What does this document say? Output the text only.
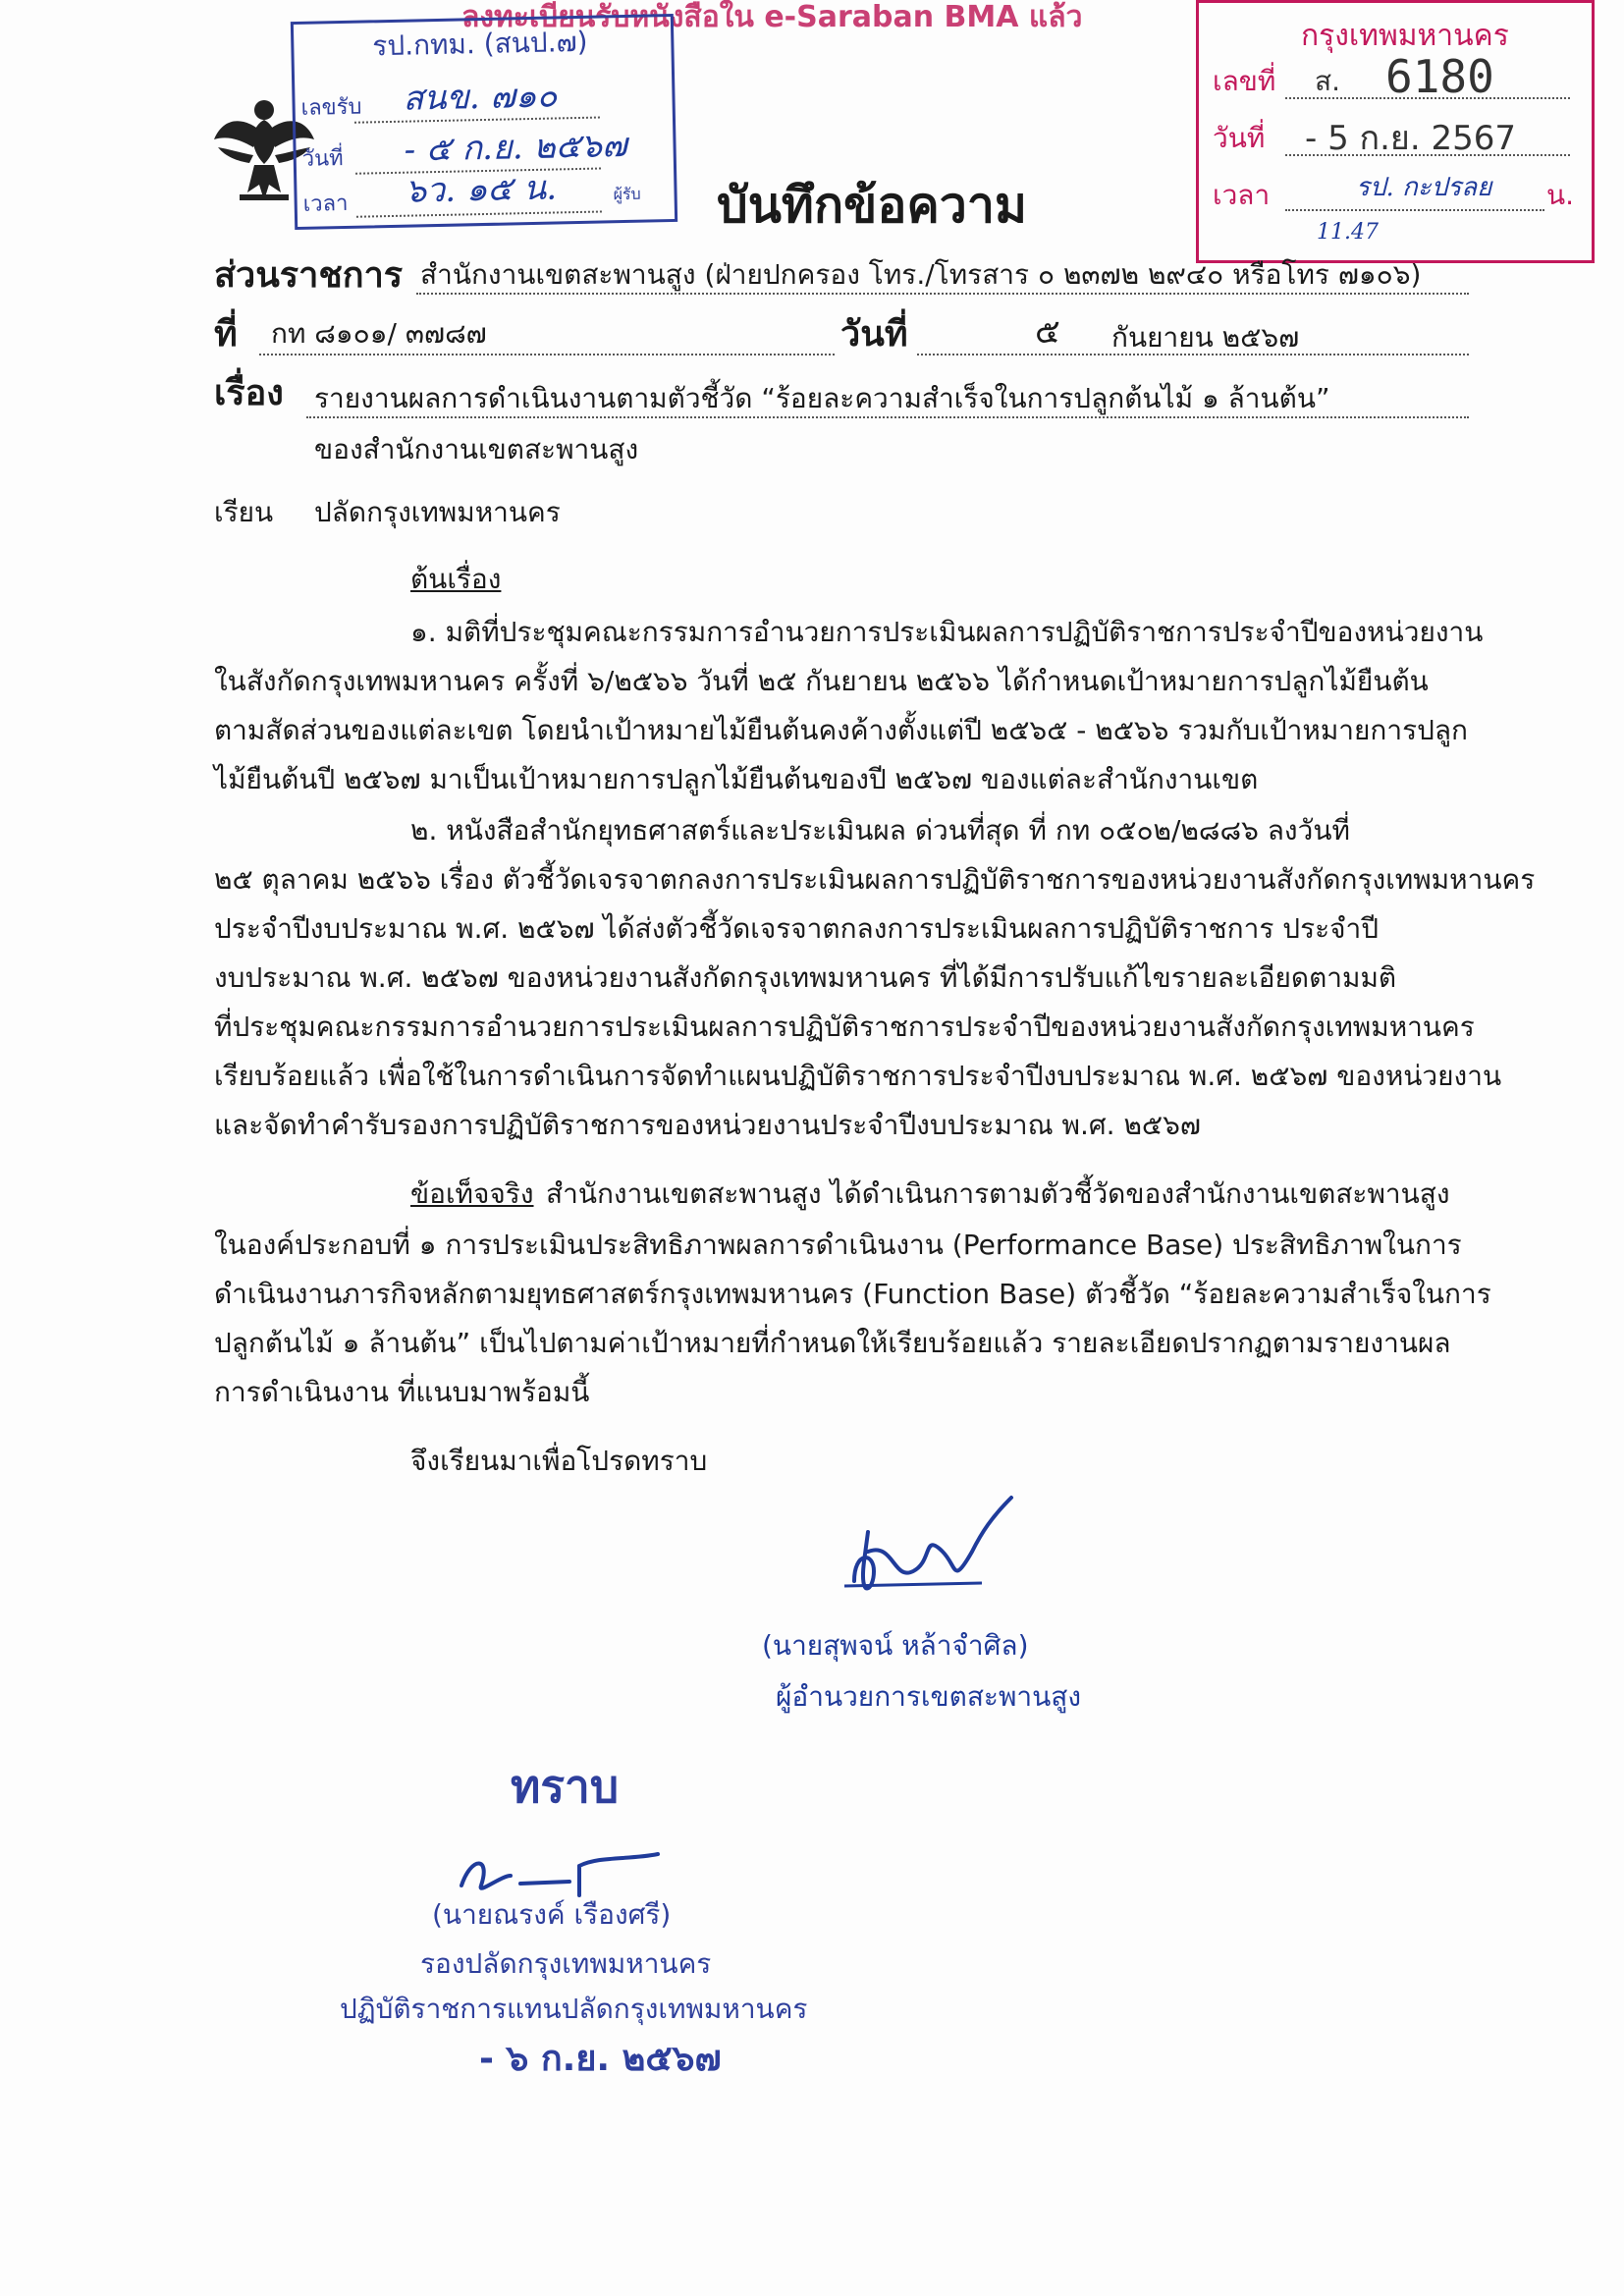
ลงทะเบียนรับหนังสือใน e-Saraban BMA แล้ว
รป.กทม. (สนป.๗)
เลขรับ สนข. ๗๑๐
วันที่ - ๕ ก.ย. ๒๕๖๗
เวลา ๖ว. ๑๕ น.	ผู้รับ
กรุงเทพมหานคร
เลขที่ ส. 6180
วันที่ - 5 ก.ย. 2567
เวลา	รป. กะปรลย น.
11.47
บันทึกข้อความ
ส่วนราชการ สำนักงานเขตสะพานสูง (ฝ่ายปกครอง โทร./โทรสาร ๐ ๒๓๗๒ ๒๙๔๐ หรือโทร ๗๑๐๖)
ที่ กท ๘๑๐๑/ ๓๗๘๗	วันที่	๕ กันยายน ๒๕๖๗
เรื่อง รายงานผลการดำเนินงานตามตัวชี้วัด “ร้อยละความสำเร็จในการปลูกต้นไม้ ๑ ล้านต้น”
ของสำนักงานเขตสะพานสูง
เรียน ปลัดกรุงเทพมหานคร
ต้นเรื่อง
๑. มติที่ประชุมคณะกรรมการอำนวยการประเมินผลการปฏิบัติราชการประจำปีของหน่วยงาน
ในสังกัดกรุงเทพมหานคร ครั้งที่ ๖/๒๕๖๖ วันที่ ๒๕ กันยายน ๒๕๖๖ ได้กำหนดเป้าหมายการปลูกไม้ยืนต้น
ตามสัดส่วนของแต่ละเขต โดยนำเป้าหมายไม้ยืนต้นคงค้างตั้งแต่ปี ๒๕๖๕ - ๒๕๖๖ รวมกับเป้าหมายการปลูก
ไม้ยืนต้นปี ๒๕๖๗ มาเป็นเป้าหมายการปลูกไม้ยืนต้นของปี ๒๕๖๗ ของแต่ละสำนักงานเขต
๒. หนังสือสำนักยุทธศาสตร์และประเมินผล ด่วนที่สุด ที่ กท ๐๕๐๒/๒๘๘๖ ลงวันที่
๒๕ ตุลาคม ๒๕๖๖ เรื่อง ตัวชี้วัดเจรจาตกลงการประเมินผลการปฏิบัติราชการของหน่วยงานสังกัดกรุงเทพมหานคร
ประจำปีงบประมาณ พ.ศ. ๒๕๖๗ ได้ส่งตัวชี้วัดเจรจาตกลงการประเมินผลการปฏิบัติราชการ ประจำปี
งบประมาณ พ.ศ. ๒๕๖๗ ของหน่วยงานสังกัดกรุงเทพมหานคร ที่ได้มีการปรับแก้ไขรายละเอียดตามมติ
ที่ประชุมคณะกรรมการอำนวยการประเมินผลการปฏิบัติราชการประจำปีของหน่วยงานสังกัดกรุงเทพมหานคร
เรียบร้อยแล้ว เพื่อใช้ในการดำเนินการจัดทำแผนปฏิบัติราชการประจำปีงบประมาณ พ.ศ. ๒๕๖๗ ของหน่วยงาน
และจัดทำคำรับรองการปฏิบัติราชการของหน่วยงานประจำปีงบประมาณ พ.ศ. ๒๕๖๗
ข้อเท็จจริง สำนักงานเขตสะพานสูง ได้ดำเนินการตามตัวชี้วัดของสำนักงานเขตสะพานสูง
ในองค์ประกอบที่ ๑ การประเมินประสิทธิภาพผลการดำเนินงาน (Performance Base) ประสิทธิภาพในการ
ดำเนินงานภารกิจหลักตามยุทธศาสตร์กรุงเทพมหานคร (Function Base) ตัวชี้วัด “ร้อยละความสำเร็จในการ
ปลูกต้นไม้ ๑ ล้านต้น” เป็นไปตามค่าเป้าหมายที่กำหนดให้เรียบร้อยแล้ว รายละเอียดปรากฏตามรายงานผล
การดำเนินงาน ที่แนบมาพร้อมนี้
จึงเรียนมาเพื่อโปรดทราบ
(นายสุพจน์ หล้าจำศิล)
ผู้อำนวยการเขตสะพานสูง
ทราบ
(นายณรงค์ เรืองศรี)
รองปลัดกรุงเทพมหานคร
ปฏิบัติราชการแทนปลัดกรุงเทพมหานคร
- ๖ ก.ย. ๒๕๖๗
